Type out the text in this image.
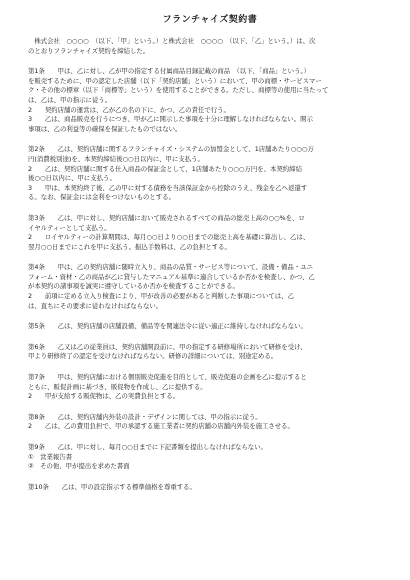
フランチャイズ契約書
　株式会社　○○○○　（以下、「甲」という。）と株式会社　○○○○　（以下、「乙」という。）は、次
のとおりフランチャイズ契約を締結した。
第1条　　甲は、乙に対し、乙が甲の指定する付属商品目録記載の商品　（以下、「商品」という。）
を販売するために、甲の認定した店舗（以下「契約店舗」という）において、甲の商標・サービスマー
ク・その他の標章（以下「商標等」という）を使用することができる。ただし、商標等の使用に当たって
は、乙は、甲の指示に従う。
2　　契約店舗の運営は、乙が乙の名の下に、かつ、乙の責任で行う。
3　　乙は、商品販売を行うにつき、甲が乙に開示した事項を十分に理解しなければならない。開示
事項は、乙の利益等の確保を保証したものではない。
第2条　　乙は、契約店舗に関するフランチャイズ・システムの加盟金として、1店舗あたり○○○万
円(消費税別途)を、本契約締結後○○日以内に、甲に支払う。
2　　乙は、契約店舗に関する仕入商品の保証金として、1店舗あたり○○○万円を、本契約締結
後○○日以内に、甲に支払う。
3　　甲は、本契約終了後、乙の甲に対する債務を当該保証金から控除のうえ、残金を乙へ返還す
る。なお、保証金には金利をつけないものとする。
第3条　　乙は、甲に対し、契約店舗において販売されるすべての商品の総売上高の○○%を、ロ
イヤルティーとして支払う。
2　　ロイヤルティーの計算期間は、毎月○○日より○○日までの総売上高を基礎に算出し、乙は、
翌月○○日までにこれを甲に支払う。振込手数料は、乙の負担とする。
第4条　　甲は、乙の契約店舗に随時立入り、商品の品質・サービス等について、設備・備品・ユニ
フォーム・資材・乙の商品が乙に貸与したマニュアル基準に適合しているか否かを検査し、かつ、乙
が本契約の諸事項を誠実に遵守しているか否かを検査することができる。
2　　前項に定める立入り検査により、甲が改善の必要があると判断した事項については、乙
は、直ちにその要求に従わなければならない。
第5条　　乙は、契約店舗の店舗設備、備品等を関連法令に従い適正に維持しなければならない。
第6条　　乙又は乙の従業員は、契約店舗開設前に、甲の指定する研修場所において研修を受け、
甲より研修終了の認定を受けなければならない。研修の詳細については、別途定める。
第7条　　甲は、契約店舗における個別販売促進を目的として、販売促進の企画を乙に提示すると
ともに、販促計画に基づき、販促物を作成し、乙に提供する。
2　　甲が支給する販促物は、乙の実費負担とする。
第8条　　乙は、契約店舗内外装の設計・デザインに関しては、甲の指示に従う。
2　　乙は、乙の費用負担で、甲の承認する施工業者に契約店舗の店舗内外装を施工させる。
第9条　　乙は、甲に対し、毎月○○日までに下記書類を提出しなければならない。
①　営業報告書
②　その他、甲が提出を求めた書面
第10条　　乙は、甲の設定指示する標準価格を尊重する。
